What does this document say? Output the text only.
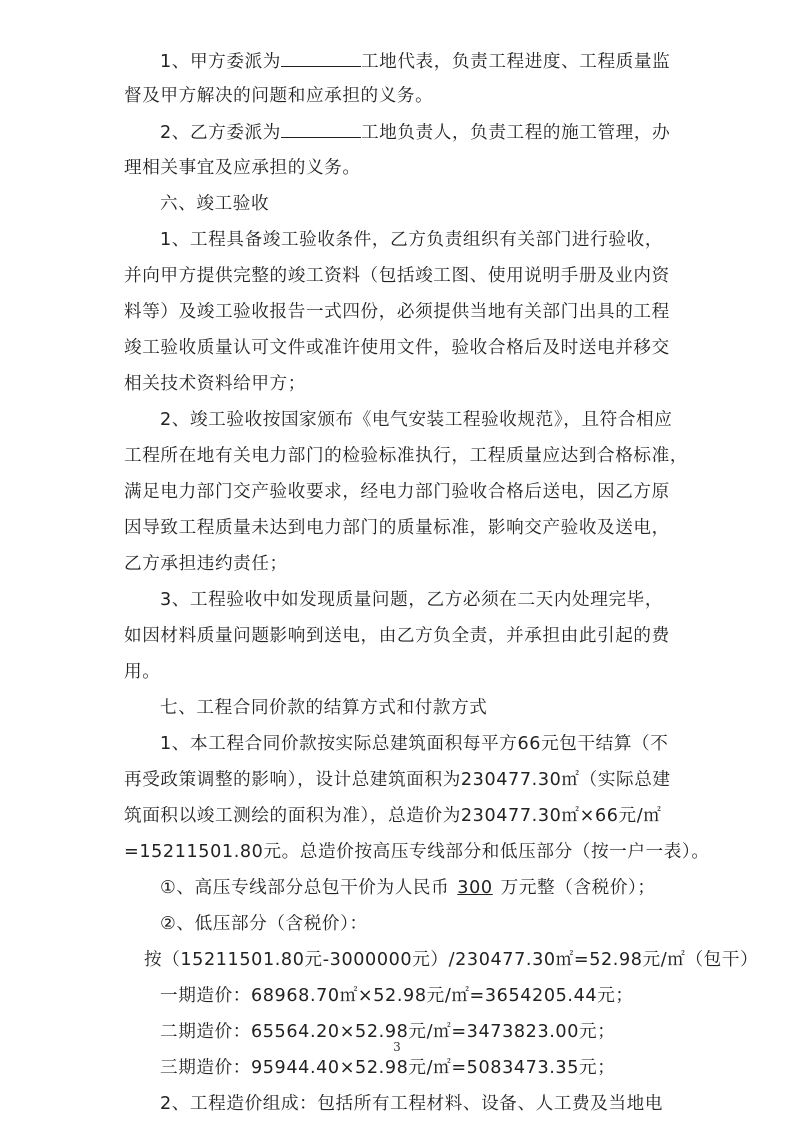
1、甲方委派为	工地代表，负责工程进度、工程质量监
督及甲方解决的问题和应承担的义务。
2、乙方委派为	工地负责人，负责工程的施工管理，办
理相关事宜及应承担的义务。
六、竣工验收
1、工程具备竣工验收条件，乙方负责组织有关部门进行验收，
并向甲方提供完整的竣工资料（包括竣工图、使用说明手册及业内资
料等）及竣工验收报告一式四份，必须提供当地有关部门出具的工程
竣工验收质量认可文件或准许使用文件，验收合格后及时送电并移交
相关技术资料给甲方；
2、竣工验收按国家颁布《电气安装工程验收规范》，且符合相应
工程所在地有关电力部门的检验标准执行，工程质量应达到合格标准，
满足电力部门交产验收要求，经电力部门验收合格后送电，因乙方原
因导致工程质量未达到电力部门的质量标准，影响交产验收及送电，
乙方承担违约责任；
3、工程验收中如发现质量问题，乙方必须在二天内处理完毕，
如因材料质量问题影响到送电，由乙方负全责，并承担由此引起的费
用。
七、工程合同价款的结算方式和付款方式
1、本工程合同价款按实际总建筑面积每平方66元包干结算（不
再受政策调整的影响），设计总建筑面积为230477.30㎡（实际总建
筑面积以竣工测绘的面积为准），总造价为230477.30㎡×66元/㎡
=15211501.80元。总造价按高压专线部分和低压部分（按一户一表）。
①、高压专线部分总包干价为人民币 300 万元整（含税价）；
②、低压部分（含税价）：
按（15211501.80元-3000000元）/230477.30㎡=52.98元/㎡（包干）
一期造价：68968.70㎡×52.98元/㎡=3654205.44元；
二期造价：65564.20×52.98元/㎡=3473823.00元；
三期造价：95944.40×52.98元/㎡=5083473.35元；
2、工程造价组成：包括所有工程材料、设备、人工费及当地电
3
